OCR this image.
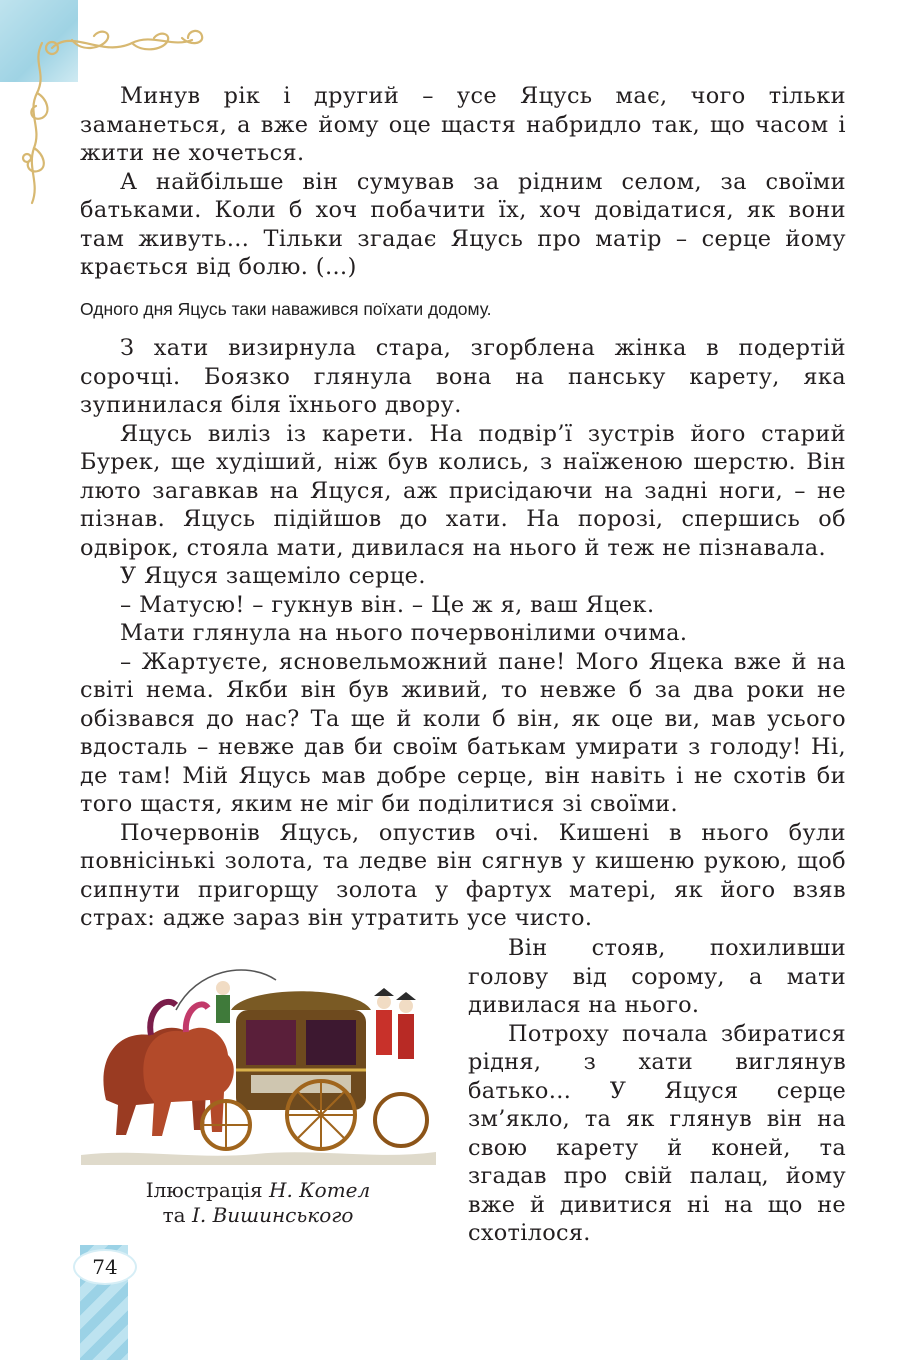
Минув рік і другий – усе Яцусь має, чого тільки заманеться, а вже йому оце щастя набридло так, що часом і жити не хочеться.

А найбільше він сумував за рідним селом, за своїми батьками. Коли б хоч побачити їх, хоч довідатися, як вони там живуть… Тільки згадає Яцусь про матір – серце йому крається від болю. (…)

Одного дня Яцусь таки наважився поїхати додому.

З хати визирнула стара, згорблена жінка в подертій сорочці. Боязко глянула вона на панську карету, яка зупинилася біля їхнього двору.

Яцусь виліз із карети. На подвір’ї зустрів його старий Бурек, ще худіший, ніж був колись, з наїженою шерстю. Він люто загавкав на Яцуся, аж присідаючи на задні ноги, – не пізнав. Яцусь підійшов до хати. На порозі, спершись об одвірок, стояла мати, дивилася на нього й теж не пізнавала.

У Яцуся защеміло серце.

– Матусю! – гукнув він. – Це ж я, ваш Яцек.

Мати глянула на нього почервонілими очима.

– Жартуєте, ясновельможний пане! Мого Яцека вже й на світі нема. Якби він був живий, то невже б за два роки не обізвався до нас? Та ще й коли б він, як оце ви, мав усього вдосталь – невже дав би своїм батькам умирати з голоду! Ні, де там! Мій Яцусь мав добре серце, він навіть і не схотів би того щастя, яким не міг би поділитися зі своїми.

Почервонів Яцусь, опустив очі. Кишені в нього були повнісінькі золота, та ледве він сягнув у кишеню рукою, щоб сипнути пригорщу золота у фартух матері, як його взяв страх: адже зараз він утратить усе чисто.

Він стояв, похиливши голову від сорому, а мати дивилася на нього.

Потроху почала збиратися рідня, з хати виглянув батько… У Яцуся серце зм’якло, та як глянув він на свою карету й коней, та згадав про свій палац, йому вже й дивитися ні на що не схотілося.

Ілюстрація Н. Котел
та І. Вишинського
74
